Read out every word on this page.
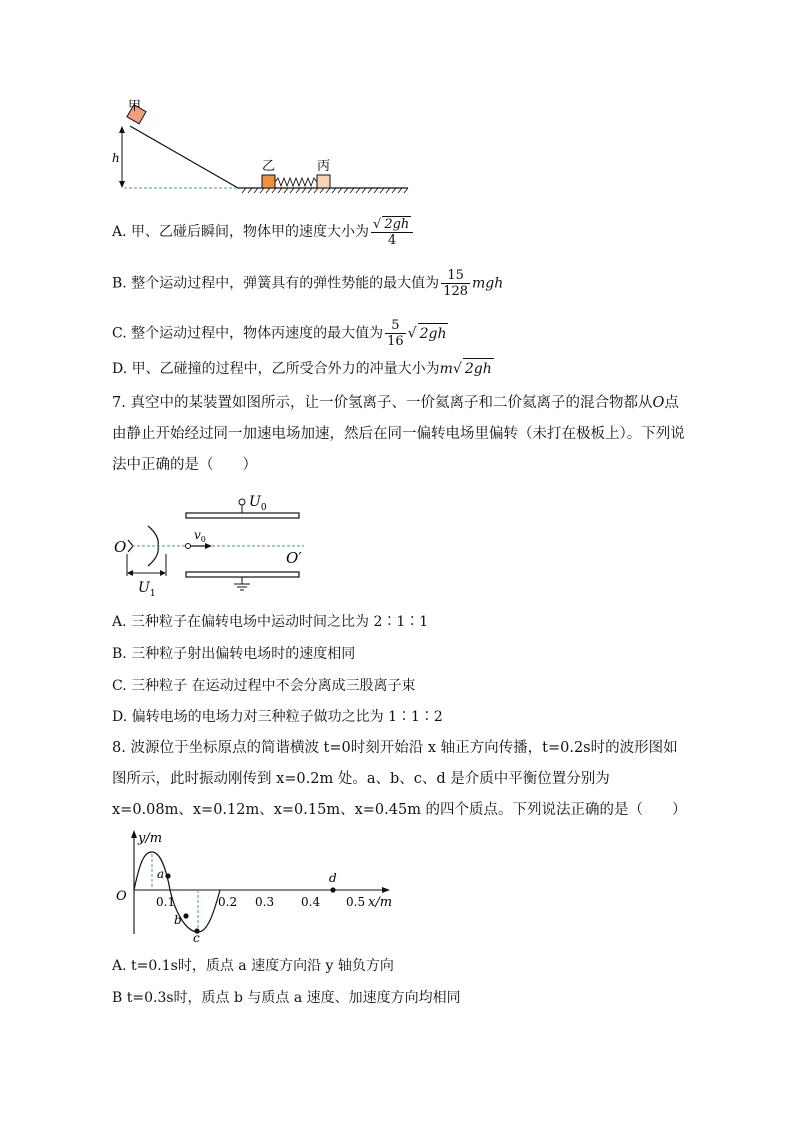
甲
h
乙	丙
A. 甲、乙碰后瞬间，物体甲的速度大小为 $\frac{√ 2gh}{4}$
B. 整个运动过程中，弹簧具有的弹性势能的最大值为 $\frac{15}{128}$ mgh
C. 整个运动过程中，物体丙速度的最大值为 $\frac{5}{16}$ √ 2gh
D. 甲、乙碰撞的过程中，乙所受合外力的冲量大小为m√ 2gh
7. 真空中的某装置如图所示，让一价氢离子、一价氦离子和二价氦离子的混合物都从O点由静止开始经过同一加速电场加速，然后在同一偏转电场里偏转（未打在极板上）。下列说法中正确的是（　　）
O
$U_0$
$v_0$
O′
$U_1$
A. 三种粒子在偏转电场中运动时间之比为 2∶1∶1
B. 三种粒子射出偏转电场时的速度相同
C. 三种粒子 在运动过程中不会分离成三股离子束
D. 偏转电场的电场力对三种粒子做功之比为 1∶1∶2
8. 波源位于坐标原点的简谐横波 t=0时刻开始沿 x 轴正方向传播，t=0.2s时的波形图如图所示，此时振动刚传到 x=0.2m 处。a、b、c、d 是介质中平衡位置分别为 x=0.08m、x=0.12m、x=0.15m、x=0.45m 的四个质点。下列说法正确的是（　　）
y/m
x/m
O
a
b
c
d
0.1	0.2 0.3 0.4 0.5
A. t=0.1s时，质点 a 速度方向沿 y 轴负方向
B t=0.3s时，质点 b 与质点 a 速度、加速度方向均相同
